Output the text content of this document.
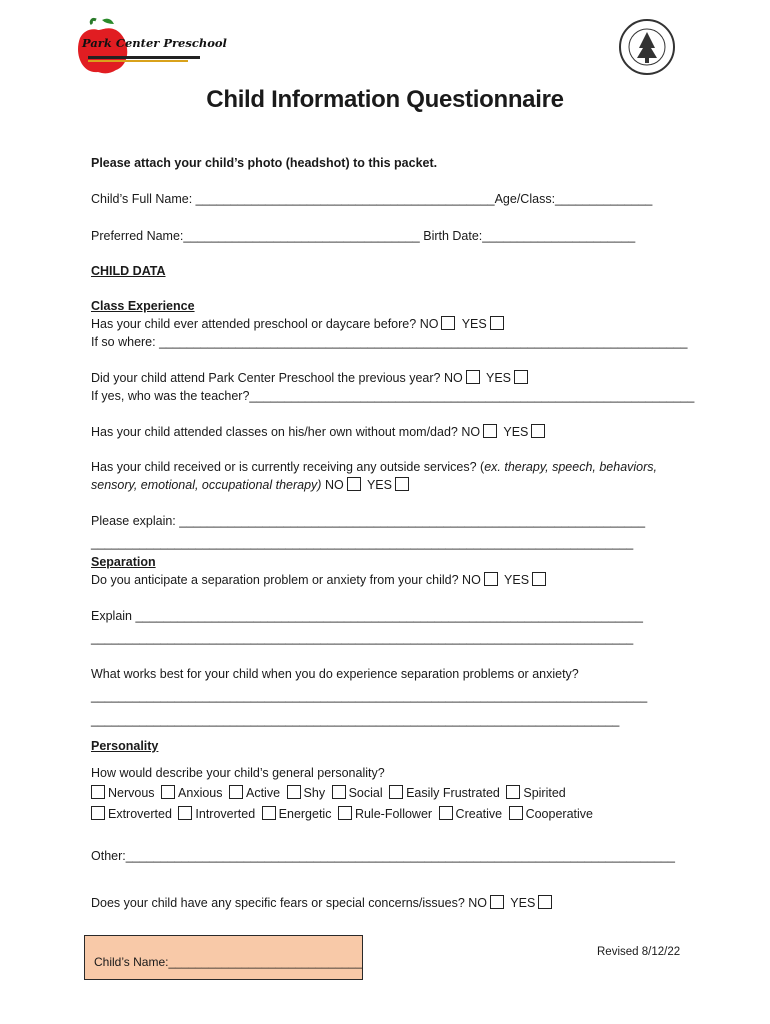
Park Center Preschool
Child Information Questionnaire
Please attach your child’s photo (headshot) to this packet.
Child’s Full Name: ___________________________________________Age/Class:______________
Preferred Name:__________________________________ Birth Date:______________________
CHILD DATA
Class Experience
Has your child ever attended preschool or daycare before? NO YES
If so where: ____________________________________________________________________________
Did your child attend Park Center Preschool the previous year? NO YES
If yes, who was the teacher?________________________________________________________________
Has your child attended classes on his/her own without mom/dad? NO YES
Has your child received or is currently receiving any outside services? (ex. therapy, speech, behaviors,
sensory, emotional, occupational therapy) NO YES
Please explain: ___________________________________________________________________
______________________________________________________________________________
Separation
Do you anticipate a separation problem or anxiety from your child? NO YES
Explain _________________________________________________________________________
______________________________________________________________________________
What works best for your child when you do experience separation problems or anxiety?
________________________________________________________________________________
____________________________________________________________________________
Personality
How would describe your child’s general personality?
Nervous Anxious Active Shy Social Easily Frustrated Spirited
Extroverted Introverted Energetic Rule-Follower Creative Cooperative
Other:_______________________________________________________________________________
Does your child have any specific fears or special concerns/issues? NO YES
Child’s Name:_____________________________
Revised 8/12/22
